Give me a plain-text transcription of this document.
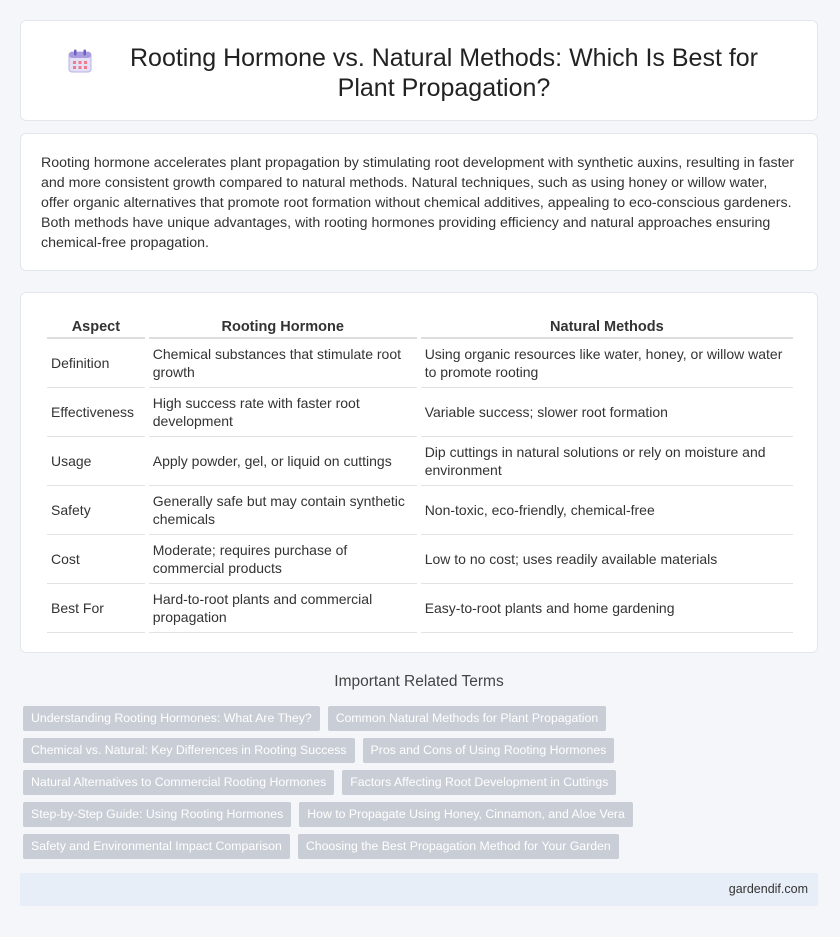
Rooting Hormone vs. Natural Methods: Which Is Best for Plant Propagation?

Rooting hormone accelerates plant propagation by stimulating root development with synthetic auxins, resulting in faster and more consistent growth compared to natural methods. Natural techniques, such as using honey or willow water, offer organic alternatives that promote root formation without chemical additives, appealing to eco-conscious gardeners. Both methods have unique advantages, with rooting hormones providing efficiency and natural approaches ensuring chemical-free propagation.

Aspect	Rooting Hormone	Natural Methods
Definition	Chemical substances that stimulate root growth	Using organic resources like water, honey, or willow water to promote rooting
Effectiveness	High success rate with faster root development	Variable success; slower root formation
Usage	Apply powder, gel, or liquid on cuttings	Dip cuttings in natural solutions or rely on moisture and environment
Safety	Generally safe but may contain synthetic chemicals	Non-toxic, eco-friendly, chemical-free
Cost	Moderate; requires purchase of commercial products	Low to no cost; uses readily available materials
Best For	Hard-to-root plants and commercial propagation	Easy-to-root plants and home gardening
Important Related Terms
Understanding Rooting Hormones: What Are They?	Common Natural Methods for Plant Propagation
Chemical vs. Natural: Key Differences in Rooting Success	Pros and Cons of Using Rooting Hormones
Natural Alternatives to Commercial Rooting Hormones	Factors Affecting Root Development in Cuttings
Step-by-Step Guide: Using Rooting Hormones	How to Propagate Using Honey, Cinnamon, and Aloe Vera
Safety and Environmental Impact Comparison	Choosing the Best Propagation Method for Your Garden
gardendif.com
